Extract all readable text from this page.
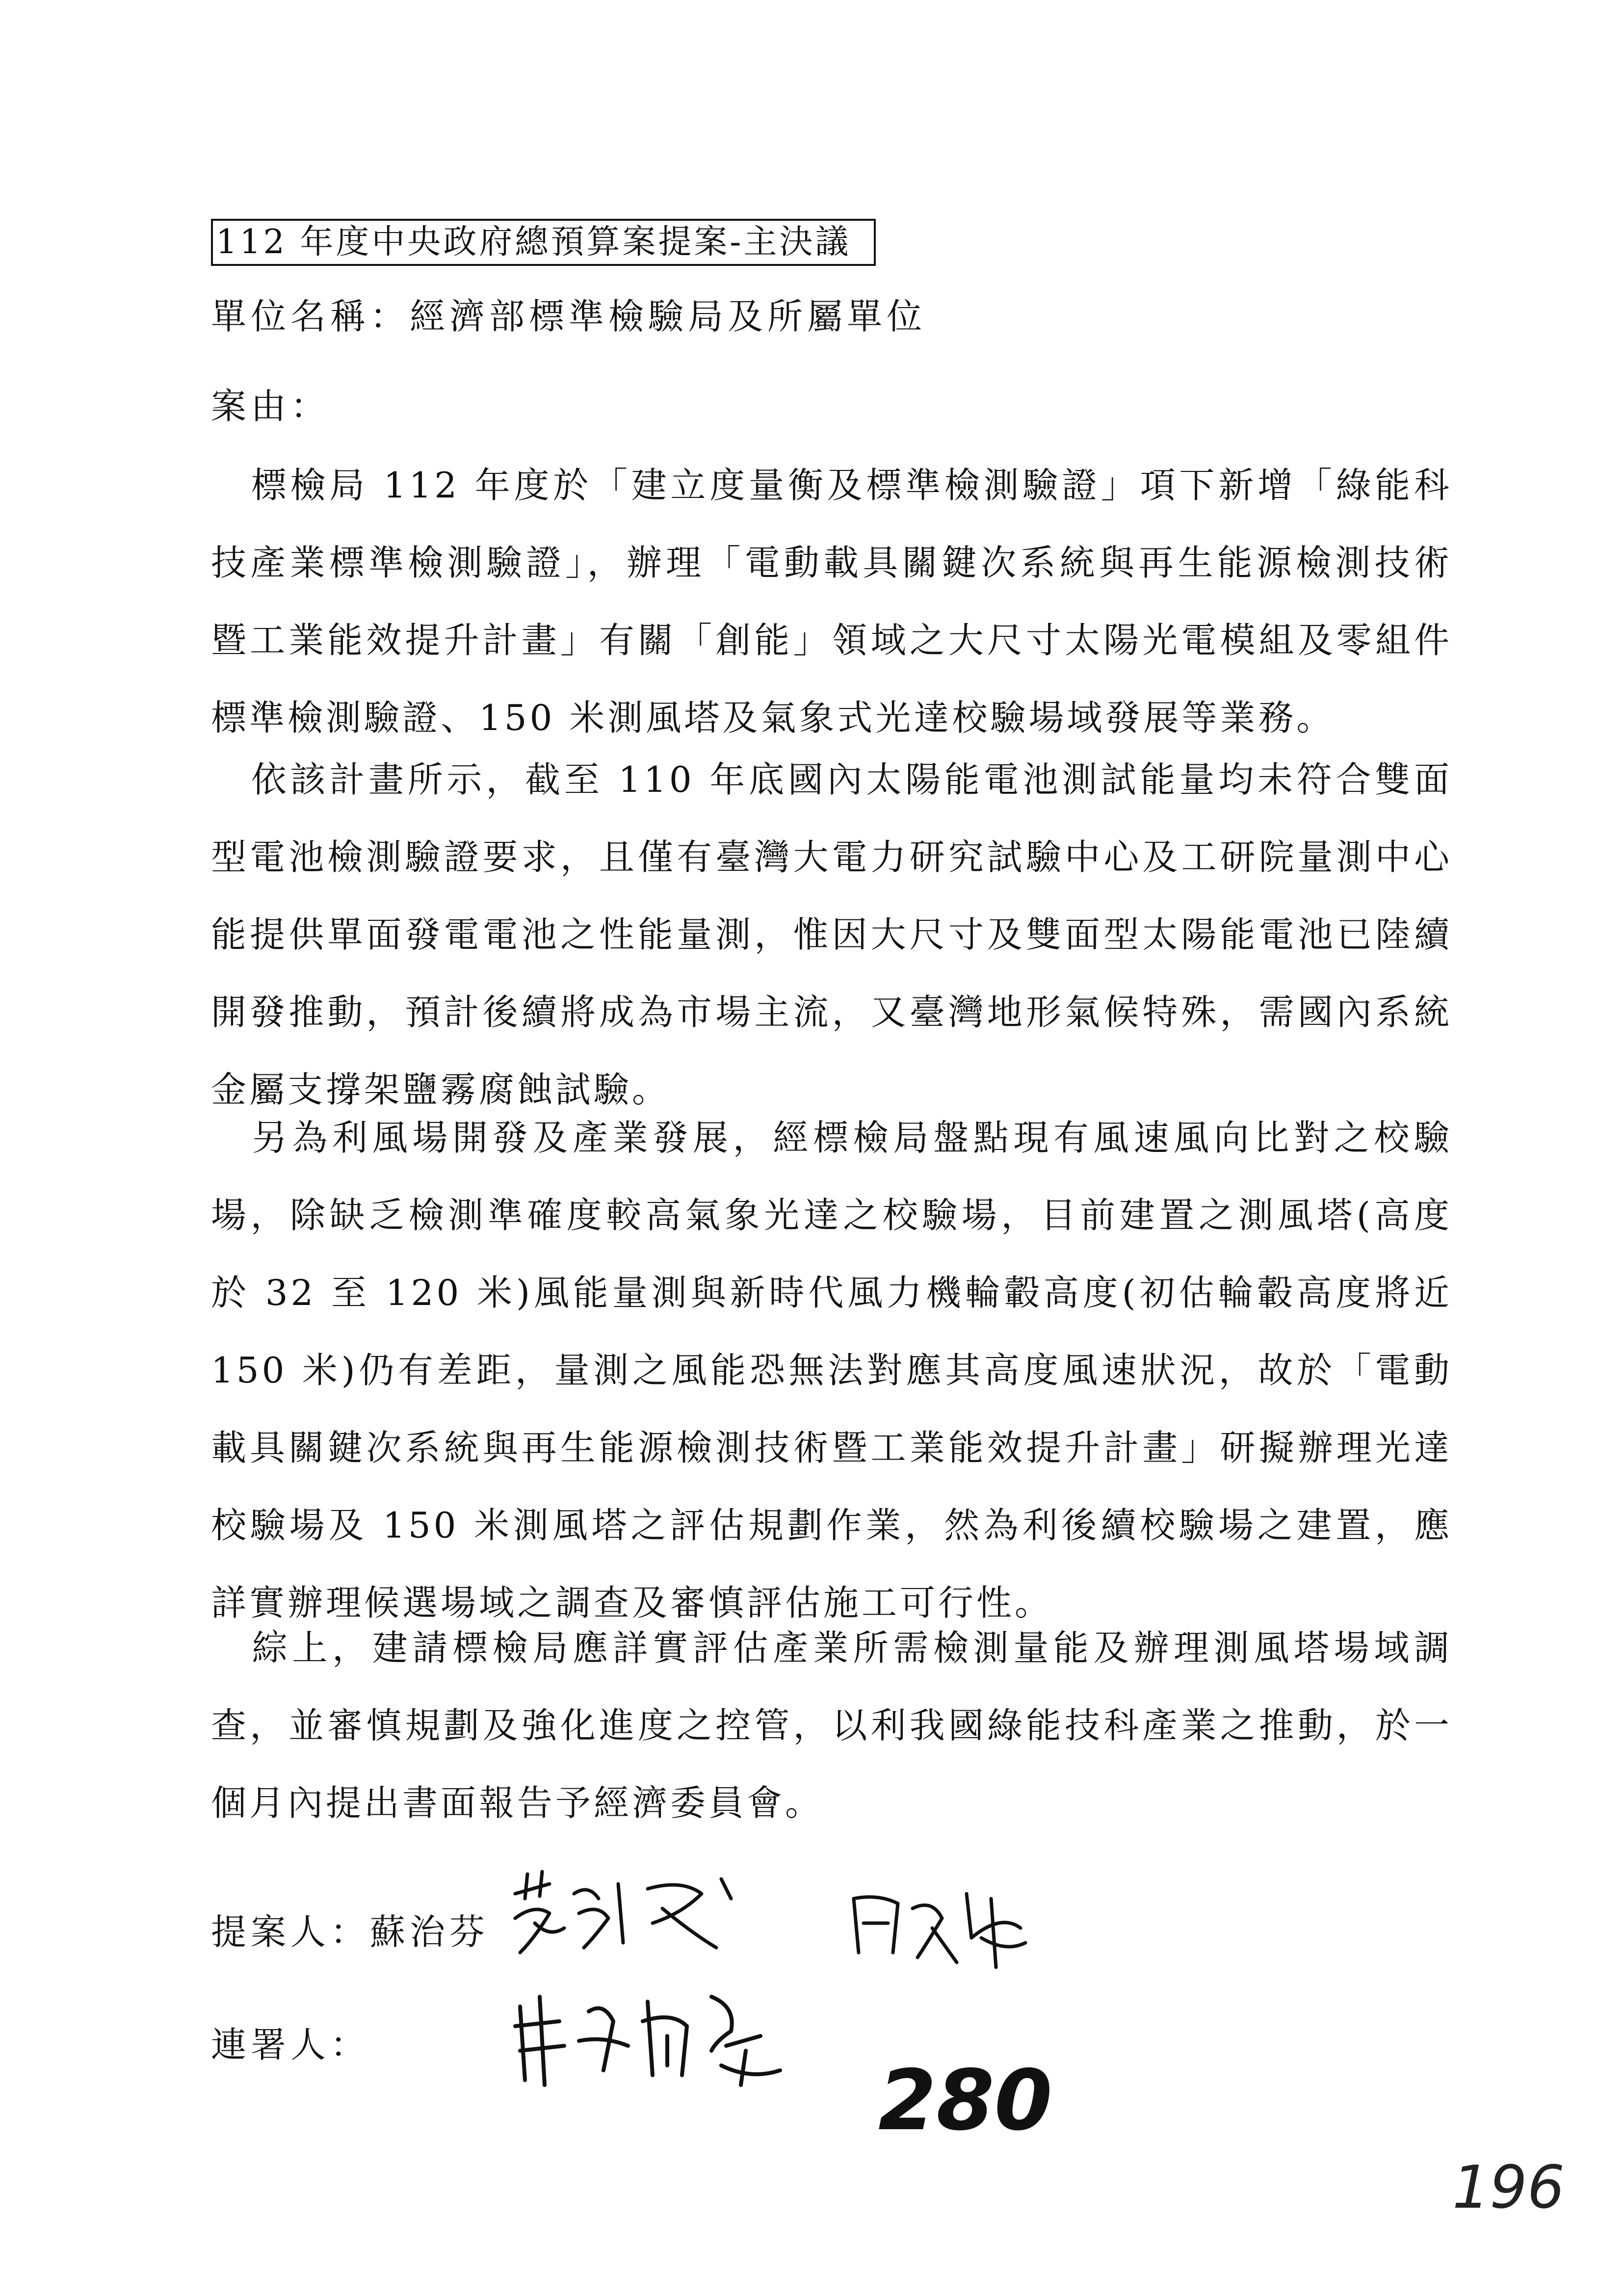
112 年度中央政府總預算案提案-主決議
單位名稱：經濟部標準檢驗局及所屬單位
案由：

標檢局 112 年度於「建立度量衡及標準檢測驗證」項下新增「綠能科技產業標準檢測驗證」，辦理「電動載具關鍵次系統與再生能源檢測技術暨工業能效提升計畫」有關「創能」領域之大尺寸太陽光電模組及零組件標準檢測驗證、150 米測風塔及氣象式光達校驗場域發展等業務。

依該計畫所示，截至 110 年底國內太陽能電池測試能量均未符合雙面型電池檢測驗證要求，且僅有臺灣大電力研究試驗中心及工研院量測中心能提供單面發電電池之性能量測，惟因大尺寸及雙面型太陽能電池已陸續開發推動，預計後續將成為市場主流，又臺灣地形氣候特殊，需國內系統金屬支撐架鹽霧腐蝕試驗。

另為利風場開發及產業發展，經標檢局盤點現有風速風向比對之校驗場，除缺乏檢測準確度較高氣象光達之校驗場，目前建置之測風塔(高度於 32 至 120 米)風能量測與新時代風力機輪轂高度(初估輪轂高度將近 150 米)仍有差距，量測之風能恐無法對應其高度風速狀況，故於「電動載具關鍵次系統與再生能源檢測技術暨工業能效提升計畫」研擬辦理光達校驗場及 150 米測風塔之評估規劃作業，然為利後續校驗場之建置，應詳實辦理候選場域之調查及審慎評估施工可行性。

綜上，建請標檢局應詳實評估產業所需檢測量能及辦理測風塔場域調查，並審慎規劃及強化進度之控管，以利我國綠能技科產業之推動，於一個月內提出書面報告予經濟委員會。

提案人：蘇治芬
連署人：
280
196
